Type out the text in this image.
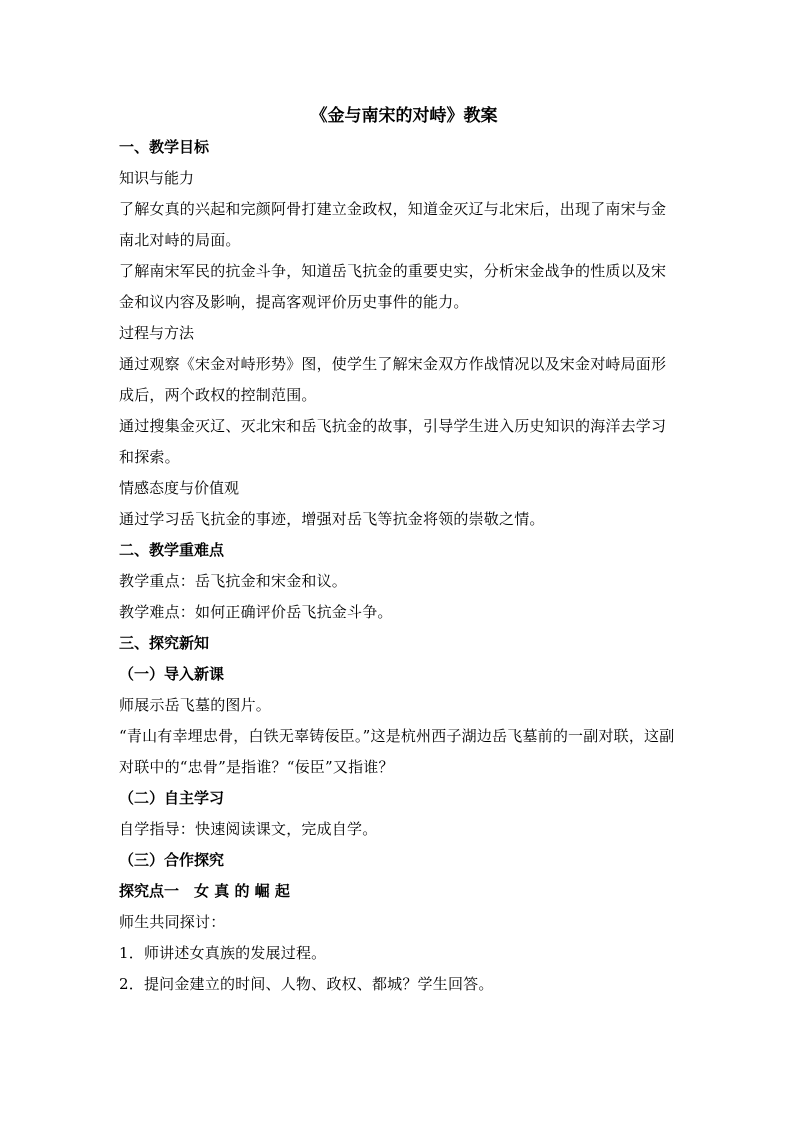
《金与南宋的对峙》教案
一、教学目标
知识与能力
了解女真的兴起和完颜阿骨打建立金政权，知道金灭辽与北宋后，出现了南宋与金南北对峙的局面。
了解南宋军民的抗金斗争，知道岳飞抗金的重要史实，分析宋金战争的性质以及宋金和议内容及影响，提高客观评价历史事件的能力。
过程与方法
通过观察《宋金对峙形势》图，使学生了解宋金双方作战情况以及宋金对峙局面形成后，两个政权的控制范围。
通过搜集金灭辽、灭北宋和岳飞抗金的故事，引导学生进入历史知识的海洋去学习和探索。
情感态度与价值观
通过学习岳飞抗金的事迹，增强对岳飞等抗金将领的崇敬之情。
二、教学重难点
教学重点：岳飞抗金和宋金和议。
教学难点：如何正确评价岳飞抗金斗争。
三、探究新知
（一）导入新课
师展示岳飞墓的图片。
“青山有幸埋忠骨，白铁无辜铸佞臣。”这是杭州西子湖边岳飞墓前的一副对联，这副对联中的“忠骨”是指谁？“佞臣”又指谁？
（二）自主学习
自学指导：快速阅读课文，完成自学。
（三）合作探究
探究点一　女 真 的 崛 起
师生共同探讨：
1．师讲述女真族的发展过程。
2．提问金建立的时间、人物、政权、都城？学生回答。
